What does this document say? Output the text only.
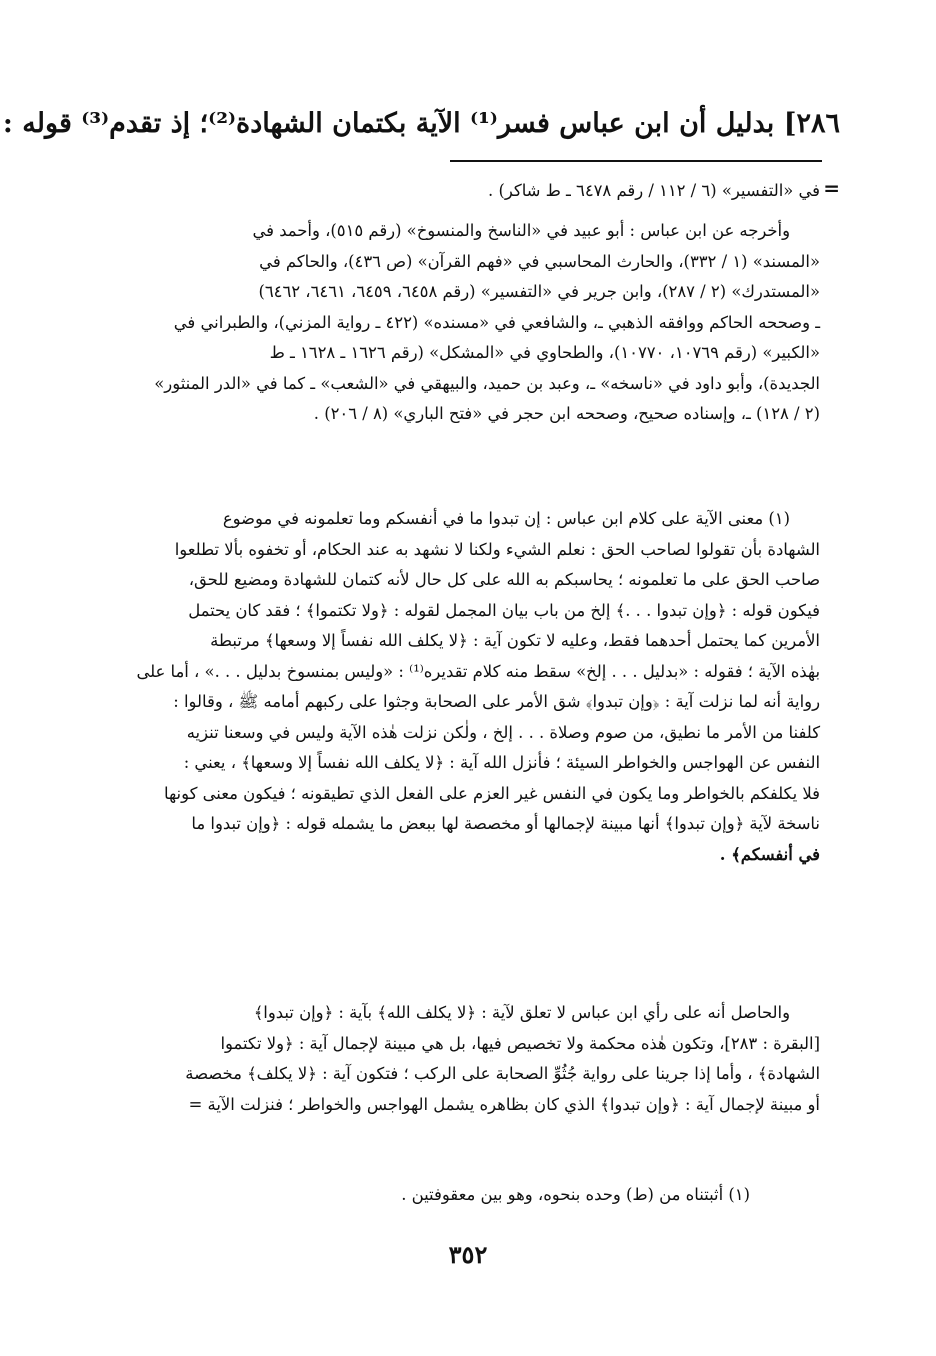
٢٨٦] بدليل أن ابن عباس فسر⁽¹⁾ الآية بكتمان الشهادة⁽²⁾؛ إذ تقدم⁽³⁾ قوله :
=

في «التفسير» (٦ / ١١٢ / رقم ٦٤٧٨ ـ ط شاكر) .

وأخرجه عن ابن عباس : أبو عبيد في «الناسخ والمنسوخ» (رقم ٥١٥)، وأحمد في

«المسند» (١ / ٣٣٢)، والحارث المحاسبي في «فهم القرآن» (ص ٤٣٦)، والحاكم في

«المستدرك» (٢ / ٢٨٧)، وابن جرير في «التفسير» (رقم ٦٤٥٨، ٦٤٥٩، ٦٤٦١، ٦٤٦٢)

ـ وصححه الحاكم ووافقه الذهبي ـ، والشافعي في «مسنده» (٤٢٢ ـ رواية المزني)، والطبراني في

«الكبير» (رقم ١٠٧٦٩، ١٠٧٧٠)، والطحاوي في «المشكل» (رقم ١٦٢٦ ـ ١٦٢٨ ـ ط

الجديدة)، وأبو داود في «ناسخه» ـ، وعبد بن حميد، والبيهقي في «الشعب» ـ كما في «الدر المنثور»

(٢ / ١٢٨) ـ، وإسناده صحيح، وصححه ابن حجر في «فتح الباري» (٨ / ٢٠٦) .

(١) معنى الآية على كلام ابن عباس : إن تبدوا ما في أنفسكم وما تعلمونه في موضوع

الشهادة بأن تقولوا لصاحب الحق : نعلم الشيء ولكنا لا نشهد به عند الحكام، أو تخفوه بألا تطلعوا

صاحب الحق على ما تعلمونه ؛ يحاسبكم به الله على كل حال لأنه كتمان للشهادة ومضيع للحق،

فيكون قوله : ﴿وإن تبدوا . . .﴾ إلخ من باب بيان المجمل لقوله : ﴿ولا تكتموا﴾ ؛ فقد كان يحتمل

الأمرين كما يحتمل أحدهما فقط، وعليه لا تكون آية : ﴿لا يكلف الله نفساً إلا وسعها﴾ مرتبطة

بهٰذه الآية ؛ فقوله : «بدليل . . . إلخ» سقط منه كلام تقديره⁽¹⁾ : «وليس بمنسوخ بدليل . . .» ، أما على

رواية أنه لما نزلت آية : ﴿وإن تبدوا﴾ شق الأمر على الصحابة وجثوا على ركبهم أمامه ﷺ ، وقالوا :

كلفنا من الأمر ما نطيق، من صوم وصلاة . . . إلخ ، ولٰكن نزلت هٰذه الآية وليس في وسعنا تنزيه

النفس عن الهواجس والخواطر السيئة ؛ فأنزل الله آية : ﴿لا يكلف الله نفساً إلا وسعها﴾ ، يعني :

فلا يكلفكم بالخواطر وما يكون في النفس غير العزم على الفعل الذي تطيقونه ؛ فيكون معنى كونها

ناسخة لآية ﴿وإن تبدوا﴾ أنها مبينة لإجمالها أو مخصصة لها ببعض ما يشمله قوله : ﴿وإن تبدوا ما

في أنفسكم﴾ .

والحاصل أنه على رأي ابن عباس لا تعلق لآية : ﴿لا يكلف الله﴾ بآية : ﴿وإن تبدوا﴾

[البقرة : ٢٨٣]، وتكون هٰذه محكمة ولا تخصيص فيها، بل هي مبينة لإجمال آية : ﴿ولا تكتموا

الشهادة﴾ ، وأما إذا جرينا على رواية جُثُوِّ الصحابة على الركب ؛ فتكون آية : ﴿لا يكلف﴾ مخصصة

أو مبينة لإجمال آية : ﴿وإن تبدوا﴾ الذي كان بظاهره يشمل الهواجس والخواطر ؛ فنزلت الآية =

(١) أثبتناه من (ط) وحده بنحوه، وهو بين معقوفتين .
٣٥٢
